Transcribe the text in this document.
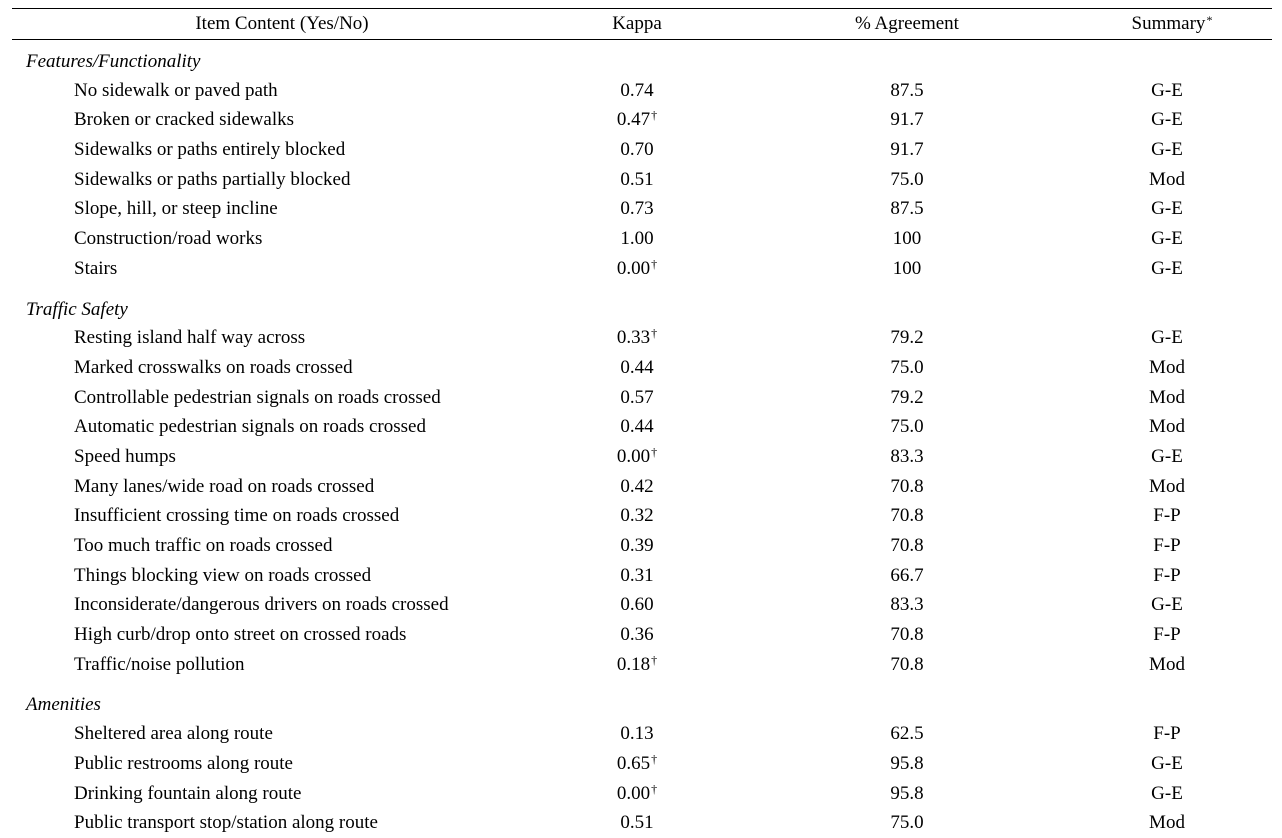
Item Content (Yes/No)	Kappa	% Agreement	Summary*
Features/Functionality
No sidewalk or paved path	0.74	87.5	G-E
Broken or cracked sidewalks	0.47†	91.7	G-E
Sidewalks or paths entirely blocked	0.70	91.7	G-E
Sidewalks or paths partially blocked	0.51	75.0	Mod
Slope, hill, or steep incline	0.73	87.5	G-E
Construction/road works	1.00	100	G-E
Stairs	0.00†	100	G-E
Traffic Safety
Resting island half way across	0.33†	79.2	G-E
Marked crosswalks on roads crossed	0.44	75.0	Mod
Controllable pedestrian signals on roads crossed	0.57	79.2	Mod
Automatic pedestrian signals on roads crossed	0.44	75.0	Mod
Speed humps	0.00†	83.3	G-E
Many lanes/wide road on roads crossed	0.42	70.8	Mod
Insufficient crossing time on roads crossed	0.32	70.8	F-P
Too much traffic on roads crossed	0.39	70.8	F-P
Things blocking view on roads crossed	0.31	66.7	F-P
Inconsiderate/dangerous drivers on roads crossed	0.60	83.3	G-E
High curb/drop onto street on crossed roads	0.36	70.8	F-P
Traffic/noise pollution	0.18†	70.8	Mod
Amenities
Sheltered area along route	0.13	62.5	F-P
Public restrooms along route	0.65†	95.8	G-E
Drinking fountain along route	0.00†	95.8	G-E
Public transport stop/station along route	0.51	75.0	Mod
